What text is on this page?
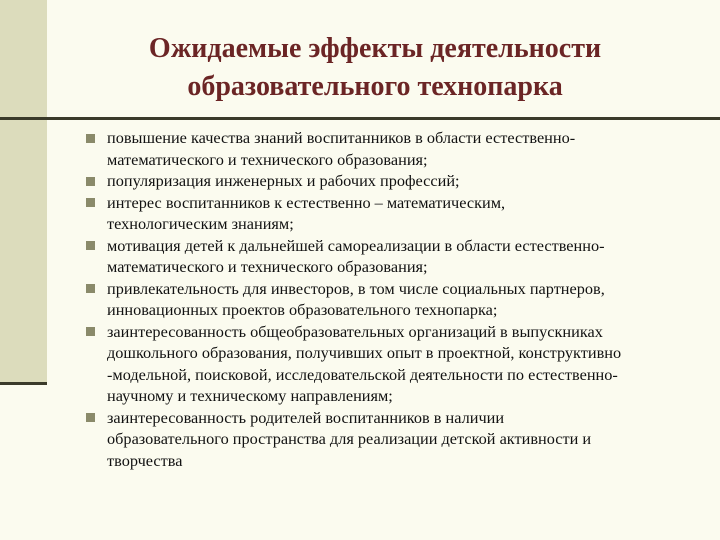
Ожидаемые эффекты деятельности
образовательного технопарка
повышение качества знаний воспитанников в области естественно-
математического и технического образования;
популяризация инженерных и рабочих профессий;
интерес воспитанников к естественно – математическим,
технологическим знаниям;
мотивация детей к дальнейшей самореализации в области естественно-
математического и технического образования;
привлекательность для инвесторов, в том числе социальных партнеров,
инновационных проектов образовательного технопарка;
заинтересованность общеобразовательных организаций в выпускниках
дошкольного образования, получивших опыт в проектной, конструктивно
-модельной, поисковой, исследовательской деятельности по естественно-
научному и техническому направлениям;
заинтересованность родителей воспитанников в наличии
образовательного пространства для реализации детской активности и
творчества
